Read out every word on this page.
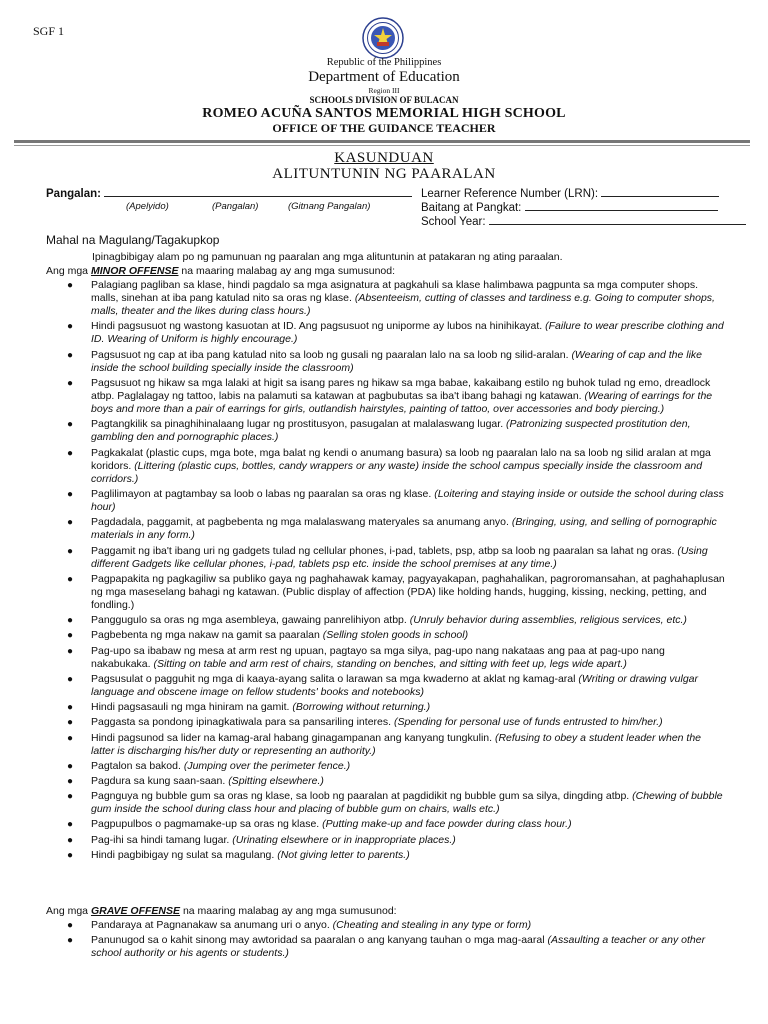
SGF 1
Republic of the Philippines
Department of Education
Region III
SCHOOLS DIVISION OF BULACAN
ROMEO ACUÑA SANTOS MEMORIAL HIGH SCHOOL
OFFICE OF THE GUIDANCE TEACHER
KASUNDUAN
ALITUNTUNIN NG PAARALAN
Pangalan:
(Apelyido)	(Pangalan)	(Gitnang Pangalan)
Learner Reference Number (LRN):
Baitang at Pangkat:
School Year:
Mahal na Magulang/Tagakupkop
Ipinagbibigay alam po ng pamunuan ng paaralan ang mga alituntunin at patakaran ng ating paraalan.
Ang mga MINOR OFFENSE na maaring malabag ay ang mga sumusunod:
● Palagiang pagliban sa klase, hindi pagdalo sa mga asignatura at pagkahuli sa klase halimbawa pagpunta sa mga computer shops. malls, sinehan at iba pang katulad nito sa oras ng klase. (Absenteeism, cutting of classes and tardiness e.g. Going to computer shops, malls, theater and the likes during class hours.)
● Hindi pagsusuot ng wastong kasuotan at ID. Ang pagsusuot ng uniporme ay lubos na hinihikayat. (Failure to wear prescribe clothing and ID. Wearing of Uniform is highly encourage.)
● Pagsusuot ng cap at iba pang katulad nito sa loob ng gusali ng paaralan lalo na sa loob ng silid-aralan. (Wearing of cap and the like inside the school building specially inside the classroom)
● Pagsusuot ng hikaw sa mga lalaki at higit sa isang pares ng hikaw sa mga babae, kakaibang estilo ng buhok tulad ng emo, dreadlock atbp. Paglalagay ng tattoo, labis na palamuti sa katawan at pagbubutas sa iba't ibang bahagi ng katawan. (Wearing of earrings for the boys and more than a pair of earrings for girls, outlandish hairstyles, painting of tattoo, over accessories and body piercing.)
● Pagtangkilik sa pinaghihinalaang lugar ng prostitusyon, pasugalan at malalaswang lugar. (Patronizing suspected prostitution den, gambling den and pornographic places.)
● Pagkakalat (plastic cups, mga bote, mga balat ng kendi o anumang basura) sa loob ng paaralan lalo na sa loob ng silid aralan at mga koridors. (Littering (plastic cups, bottles, candy wrappers or any waste) inside the school campus specially inside the classroom and corridors.)
● Paglilimayon at pagtambay sa loob o labas ng paaralan sa oras ng klase. (Loitering and staying inside or outside the school during class hour)
● Pagdadala, paggamit, at pagbebenta ng mga malalaswang materyales sa anumang anyo. (Bringing, using, and selling of pornographic materials in any form.)
● Paggamit ng iba't ibang uri ng gadgets tulad ng cellular phones, i-pad, tablets, psp, atbp sa loob ng paaralan sa lahat ng oras. (Using different Gadgets like cellular phones, i-pad, tablets psp etc. inside the school premises at any time.)
● Pagpapakita ng pagkagiliw sa publiko gaya ng paghahawak kamay, pagyayakapan, paghahalikan, pagroromansahan, at paghahaplusan ng mga maseselang bahagi ng katawan. (Public display of affection (PDA) like holding hands, hugging, kissing, necking, petting, and fondling.)
● Panggugulo sa oras ng mga asembleya, gawaing panrelihiyon atbp. (Unruly behavior during assemblies, religious services, etc.)
● Pagbebenta ng mga nakaw na gamit sa paaralan (Selling stolen goods in school)
● Pag-upo sa ibabaw ng mesa at arm rest ng upuan, pagtayo sa mga silya, pag-upo nang nakataas ang paa at pag-upo nang nakabukaka. (Sitting on table and arm rest of chairs, standing on benches, and sitting with feet up, legs wide apart.)
● Pagsusulat o pagguhit ng mga di kaaya-ayang salita o larawan sa mga kwaderno at aklat ng kamag-aral (Writing or drawing vulgar language and obscene image on fellow students' books and notebooks)
● Hindi pagsasauli ng mga hiniram na gamit. (Borrowing without returning.)
● Paggasta sa pondong ipinagkatiwala para sa pansariling interes. (Spending for personal use of funds entrusted to him/her.)
● Hindi pagsunod sa lider na kamag-aral habang ginagampanan ang kanyang tungkulin. (Refusing to obey a student leader when the latter is discharging his/her duty or representing an authority.)
● Pagtalon sa bakod. (Jumping over the perimeter fence.)
● Pagdura sa kung saan-saan. (Spitting elsewhere.)
● Pagnguya ng bubble gum sa oras ng klase, sa loob ng paaralan at pagdidikit ng bubble gum sa silya, dingding atbp. (Chewing of bubble gum inside the school during class hour and placing of bubble gum on chairs, walls etc.)
● Pagpupulbos o pagmamake-up sa oras ng klase. (Putting make-up and face powder during class hour.)
● Pag-ihi sa hindi tamang lugar. (Urinating elsewhere or in inappropriate places.)
● Hindi pagbibigay ng sulat sa magulang. (Not giving letter to parents.)
Ang mga GRAVE OFFENSE na maaring malabag ay ang mga sumusunod:
● Pandaraya at Pagnanakaw sa anumang uri o anyo. (Cheating and stealing in any type or form)
● Panunugod sa o kahit sinong may awtoridad sa paaralan o ang kanyang tauhan o mga mag-aaral (Assaulting a teacher or any other school authority or his agents or students.)
